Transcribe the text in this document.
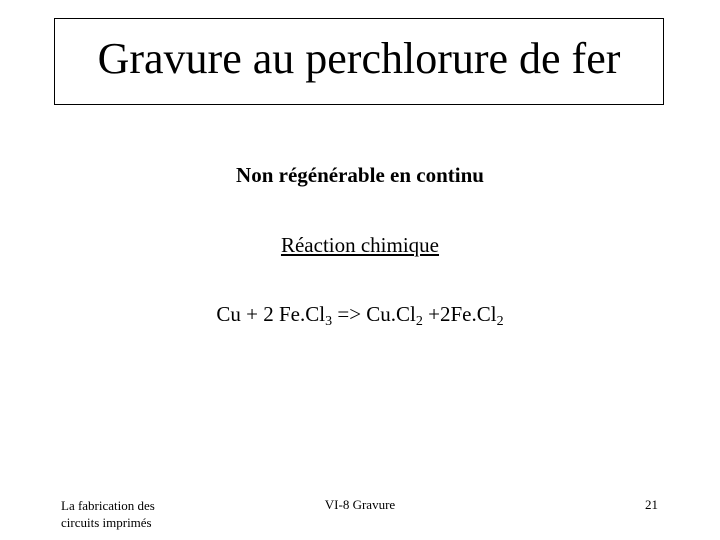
Gravure au perchlorure de fer
Non régénérable en continu
Réaction chimique
Cu + 2 $Fe.Cl_3 => Cu.Cl_2 +2Fe.Cl_2$
La fabrication des
circuits imprimés
VI-8 Gravure	21
